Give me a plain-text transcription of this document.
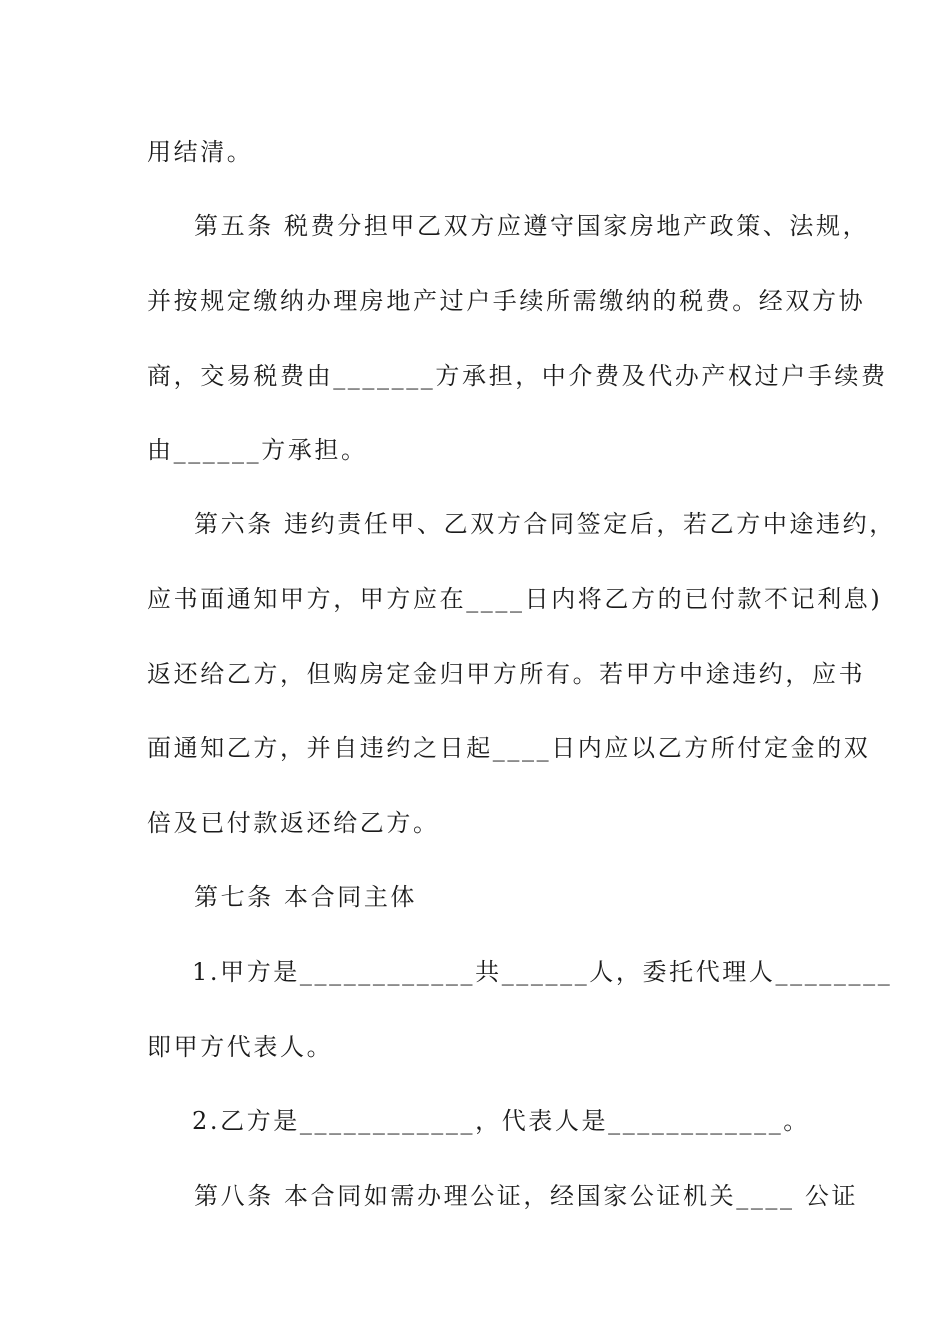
用结清。
第五条 税费分担甲乙双方应遵守国家房地产政策、法规，
并按规定缴纳办理房地产过户手续所需缴纳的税费。经双方协
商，交易税费由_______方承担，中介费及代办产权过户手续费
由______方承担。
第六条 违约责任甲、乙双方合同签定后，若乙方中途违约，
应书面通知甲方，甲方应在____日内将乙方的已付款不记利息)
返还给乙方，但购房定金归甲方所有。若甲方中途违约，应书
面通知乙方，并自违约之日起____日内应以乙方所付定金的双
倍及已付款返还给乙方。
第七条 本合同主体
1.甲方是____________共______人，委托代理人________
即甲方代表人。
2.乙方是____________，代表人是____________。
第八条 本合同如需办理公证，经国家公证机关____ 公证
